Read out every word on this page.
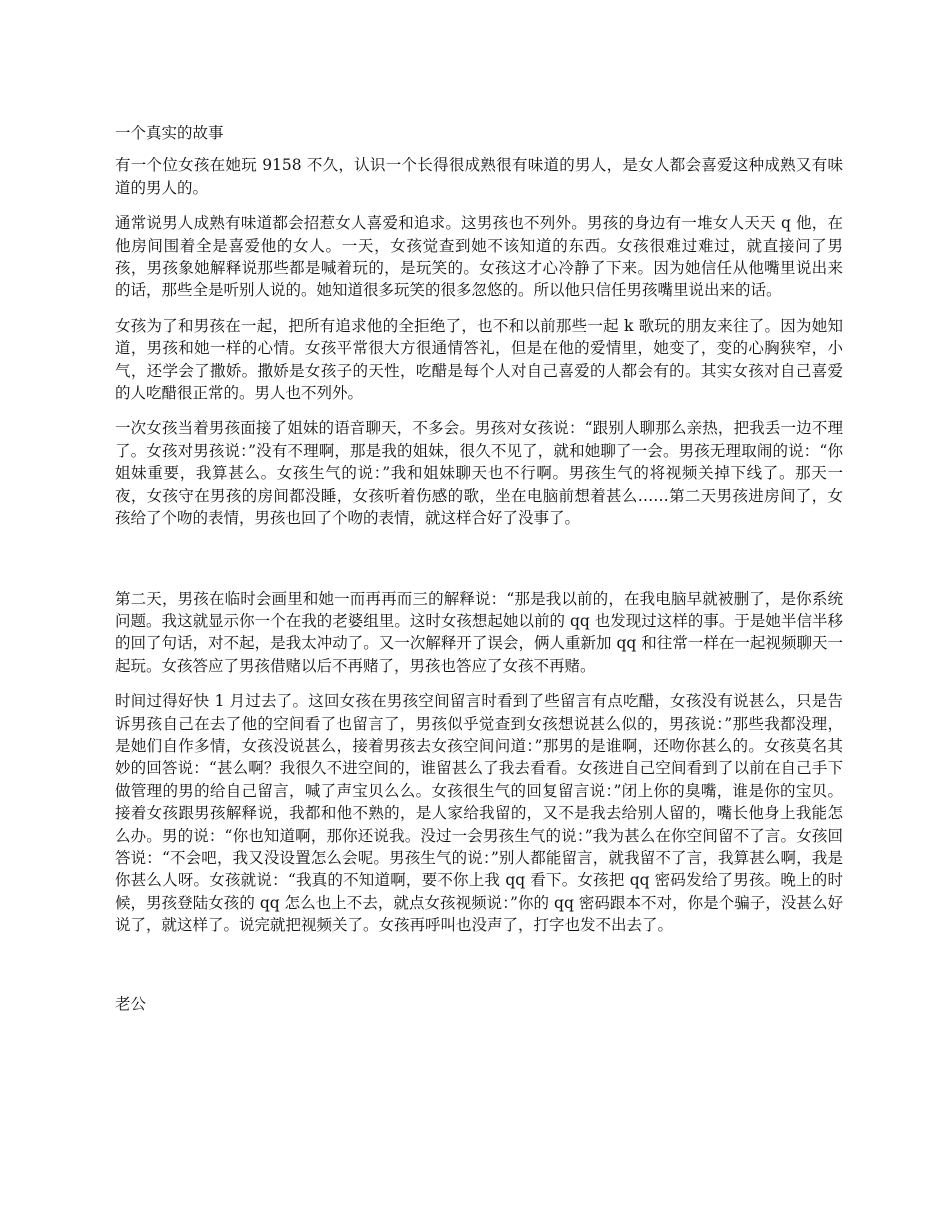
一个真实的故事

有一个位女孩在她玩 9158 不久，认识一个长得很成熟很有味道的男人，是女人都会喜爱这种成熟又有味道的男人的。

通常说男人成熟有味道都会招惹女人喜爱和追求。这男孩也不列外。男孩的身边有一堆女人天天 q 他，在他房间围着全是喜爱他的女人。一天，女孩觉查到她不该知道的东西。女孩很难过难过，就直接问了男孩，男孩象她解释说那些都是喊着玩的，是玩笑的。女孩这才心冷静了下来。因为她信任从他嘴里说出来的话，那些全是听别人说的。她知道很多玩笑的很多忽悠的。所以他只信任男孩嘴里说出来的话。

女孩为了和男孩在一起，把所有追求他的全拒绝了，也不和以前那些一起 k 歌玩的朋友来往了。因为她知道，男孩和她一样的心情。女孩平常很大方很通情答礼，但是在他的爱情里，她变了，变的心胸狭窄，小气，还学会了撒娇。撒娇是女孩子的天性，吃醋是每个人对自己喜爱的人都会有的。其实女孩对自己喜爱的人吃醋很正常的。男人也不列外。

一次女孩当着男孩面接了姐妹的语音聊天，不多会。男孩对女孩说：“跟别人聊那么亲热，把我丢一边不理了。女孩对男孩说：”没有不理啊，那是我的姐妹，很久不见了，就和她聊了一会。男孩无理取闹的说：“你姐妹重要，我算甚么。女孩生气的说：”我和姐妹聊天也不行啊。男孩生气的将视频关掉下线了。那天一夜，女孩守在男孩的房间都没睡，女孩听着伤感的歌，坐在电脑前想着甚么……第二天男孩进房间了，女孩给了个吻的表情，男孩也回了个吻的表情，就这样合好了没事了。

第二天，男孩在临时会画里和她一而再再而三的解释说：“那是我以前的，在我电脑早就被删了，是你系统问题。我这就显示你一个在我的老婆组里。这时女孩想起她以前的 qq 也发现过这样的事。于是她半信半移的回了句话，对不起，是我太冲动了。又一次解释开了误会，俩人重新加 qq 和往常一样在一起视频聊天一起玩。女孩答应了男孩借赌以后不再赌了，男孩也答应了女孩不再赌。

时间过得好快 1 月过去了。这回女孩在男孩空间留言时看到了些留言有点吃醋，女孩没有说甚么，只是告诉男孩自己在去了他的空间看了也留言了，男孩似乎觉查到女孩想说甚么似的，男孩说：”那些我都没理，是她们自作多情，女孩没说甚么，接着男孩去女孩空间问道：”那男的是谁啊，还吻你甚么的。女孩莫名其妙的回答说：“甚么啊？我很久不进空间的，谁留甚么了我去看看。女孩进自己空间看到了以前在自己手下做管理的男的给自己留言，喊了声宝贝么么。女孩很生气的回复留言说：”闭上你的臭嘴，谁是你的宝贝。接着女孩跟男孩解释说，我都和他不熟的，是人家给我留的，又不是我去给别人留的，嘴长他身上我能怎么办。男的说：“你也知道啊，那你还说我。没过一会男孩生气的说：”我为甚么在你空间留不了言。女孩回答说：“不会吧，我又没设置怎么会呢。男孩生气的说：”别人都能留言，就我留不了言，我算甚么啊，我是你甚么人呀。女孩就说：“我真的不知道啊，要不你上我 qq 看下。女孩把 qq 密码发给了男孩。晚上的时候，男孩登陆女孩的 qq 怎么也上不去，就点女孩视频说：”你的 qq 密码跟本不对，你是个骗子，没甚么好说了，就这样了。说完就把视频关了。女孩再呼叫也没声了，打字也发不出去了。

老公
